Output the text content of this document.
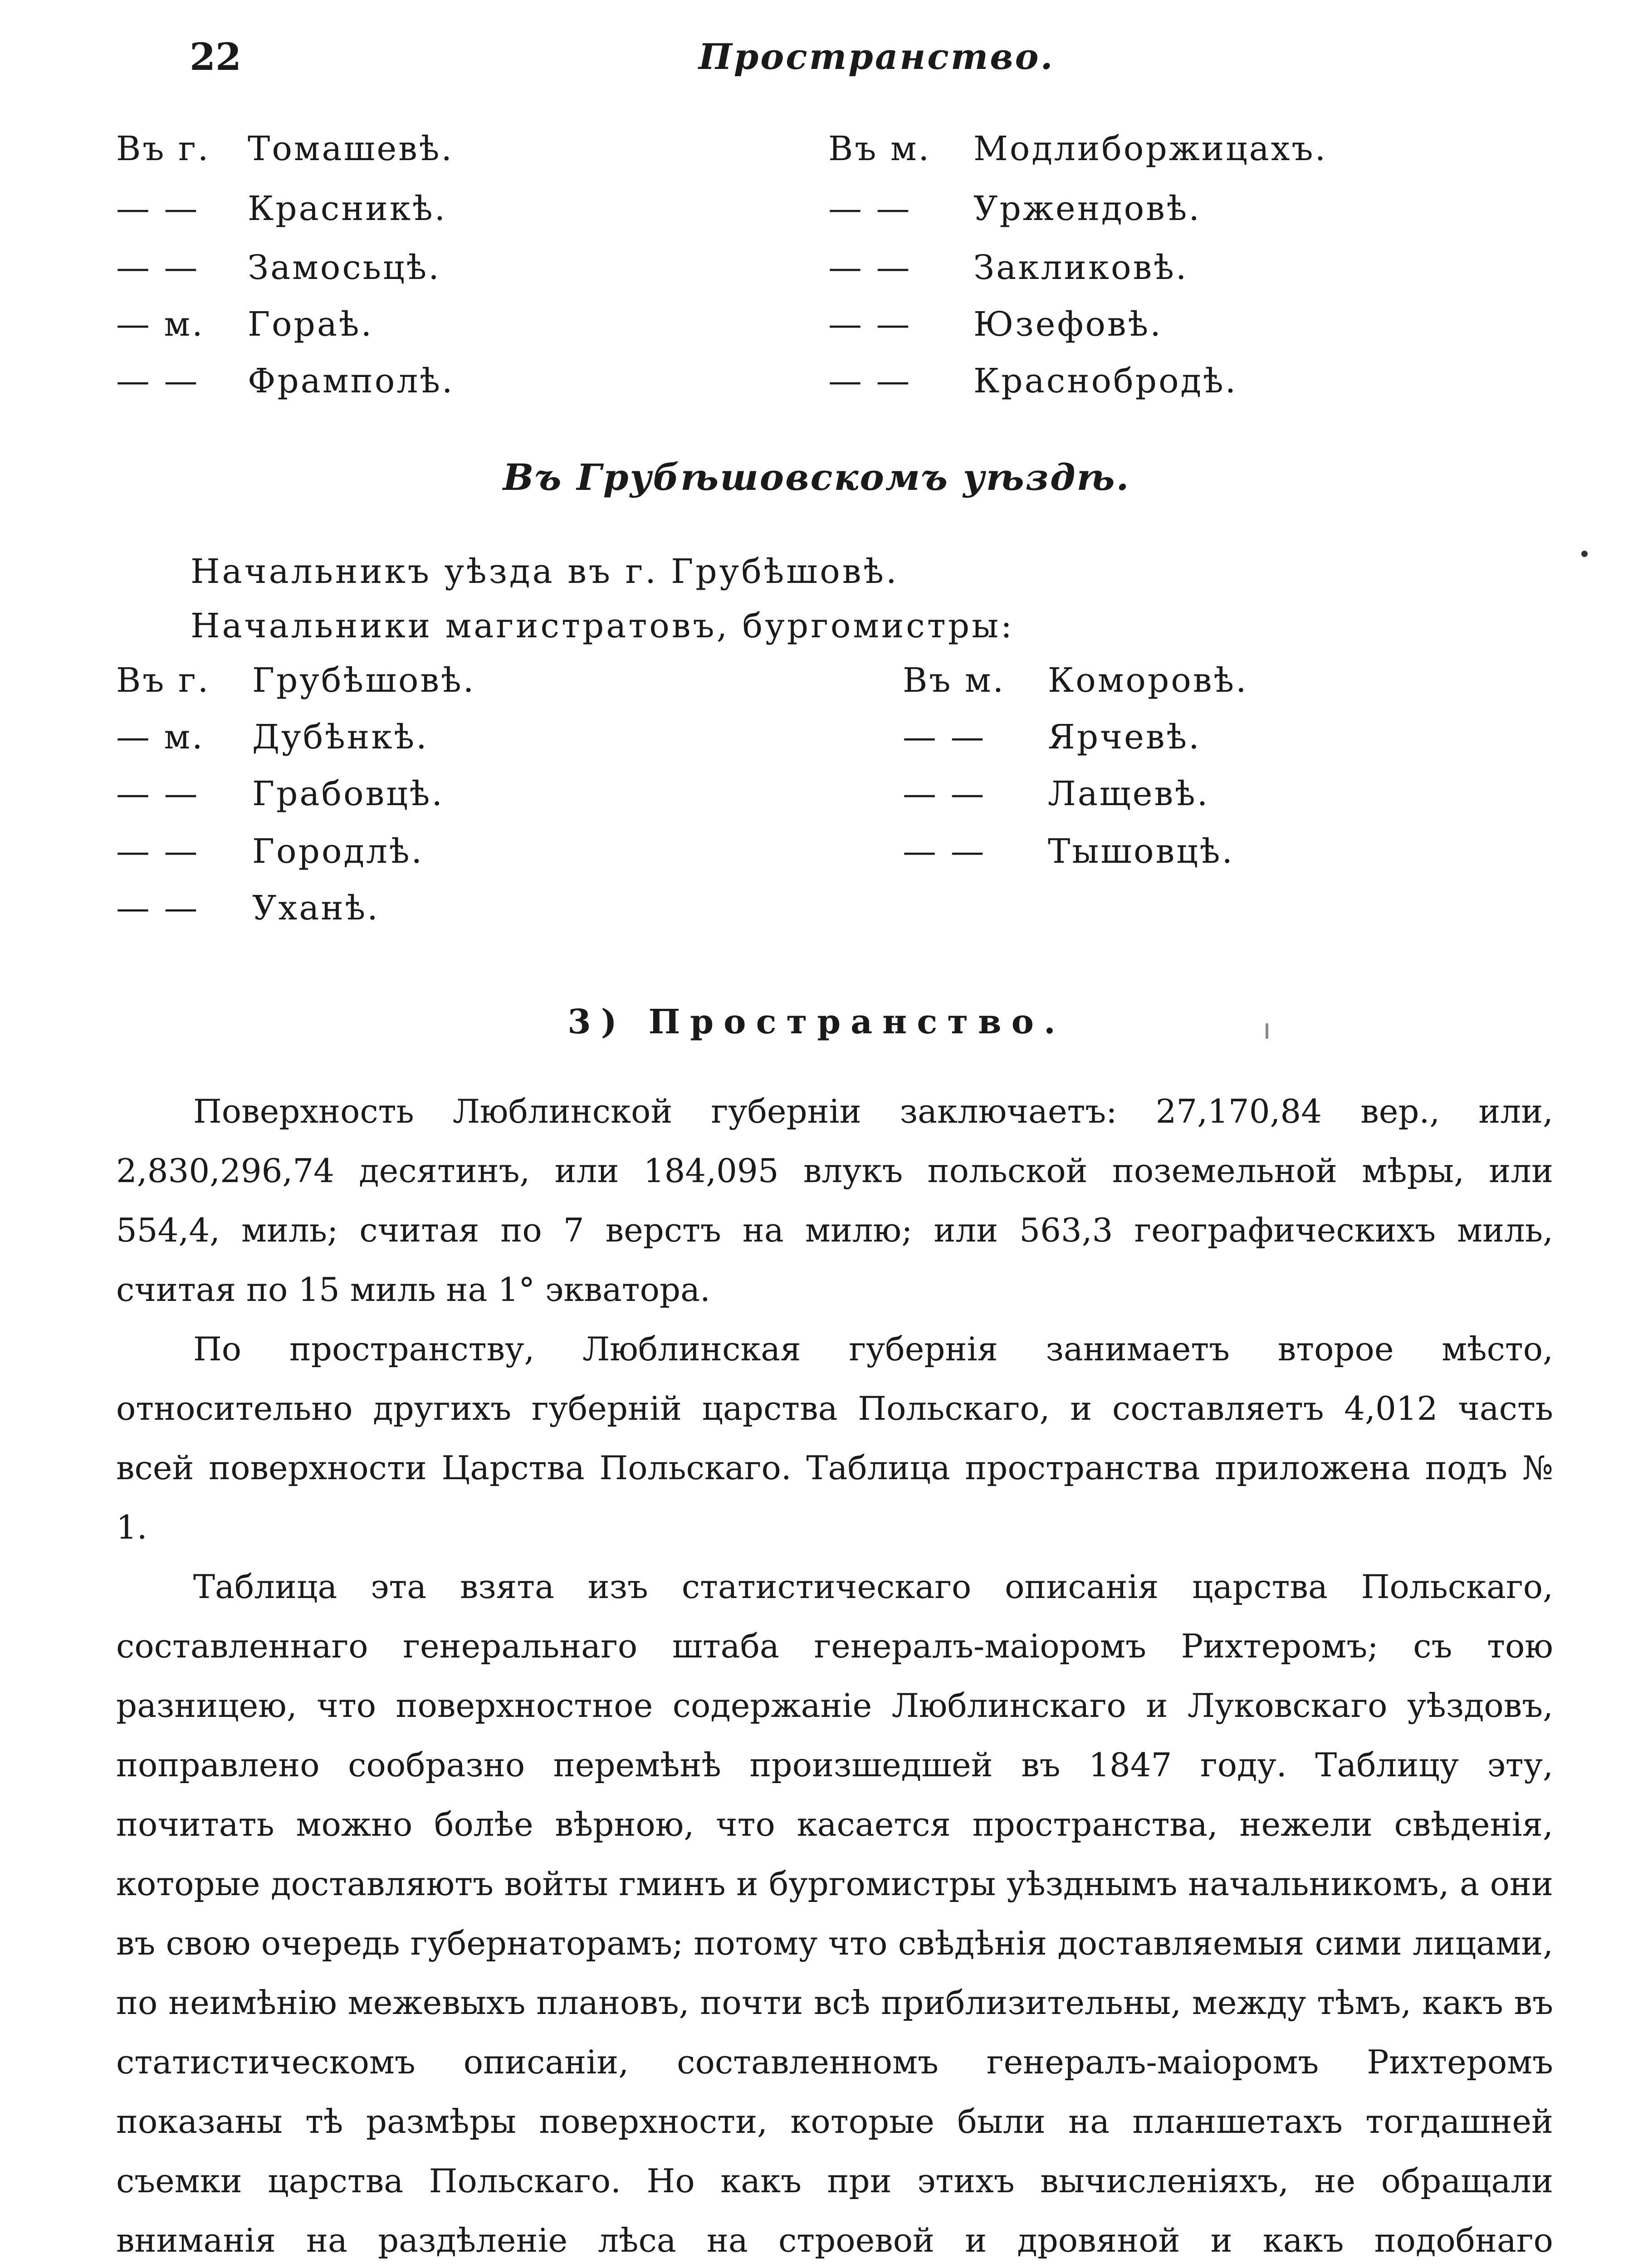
22	Пространство.
Въ г. Томашевѣ.
— — Красникѣ.
— — Замосьцѣ.
— м. Горaѣ.
— — Фрамполѣ.
Въ м. Модлиборжицахъ.
— — Уржендовѣ.
— — Закликовѣ.
— — Юзефовѣ.
— — Краснобродѣ.
Въ Грубѣшовскомъ уѣздѣ.
Начальникъ уѣзда въ г. Грубѣшовѣ.
Начальники магистратовъ, бургомистры:
Въ г. Грубѣшовѣ.
— м. Дубѣнкѣ.
— — Грабовцѣ.
— — Городлѣ.
— — Уханѣ.
Въ м. Коморовѣ.
— — Ярчевѣ.
— — Лащевѣ.
— — Тышовцѣ.
3) Пространство.

Поверхность Люблинской губерніи заключаетъ: 27,170,84 вер., или, 2,830,296,74 десятинъ, или 184,095 влукъ польской поземельной мѣры, или 554,4, миль; считая по 7 верстъ на милю; или 563,3 географическихъ миль, считая по 15 миль на 1° экватора.

По пространству, Люблинская губернія занимаетъ второе мѣсто, относительно другихъ губерній царства Польскаго, и составляетъ 4,012 часть всей поверхности Царства Польскаго. Таблица пространства приложена подъ № 1.

Таблица эта взята изъ статистическаго описанія царства Польскаго, составленнаго генеральнаго штаба генералъ-маіоромъ Рихтеромъ; съ тою разницею, что поверхностное содержаніе Люблинскаго и Луковскаго уѣздовъ, поправлено сообразно перемѣнѣ произшедшей въ 1847 году. Таблицу эту, почитать можно болѣе вѣрною, что касается пространства, нежели свѣденія, которые доставляютъ войты гминъ и бургомистры уѣзднымъ начальникомъ, а они въ свою очередь губернаторамъ; потому что свѣдѣнія доставляемыя сими лицами, по неимѣнію межевыхъ плановъ, почти всѣ приблизительны, между тѣмъ, какъ въ статистическомъ описаніи, составленномъ генералъ-маіоромъ Рихтеромъ показаны тѣ размѣры поверхности, которые были на планшетахъ тогдашней съемки царства Польскаго. Но какъ при этихъ вычисленіяхъ, не обращали вниманія на раздѣленіе лѣса на строевой и дровяной и какъ подобнаго
